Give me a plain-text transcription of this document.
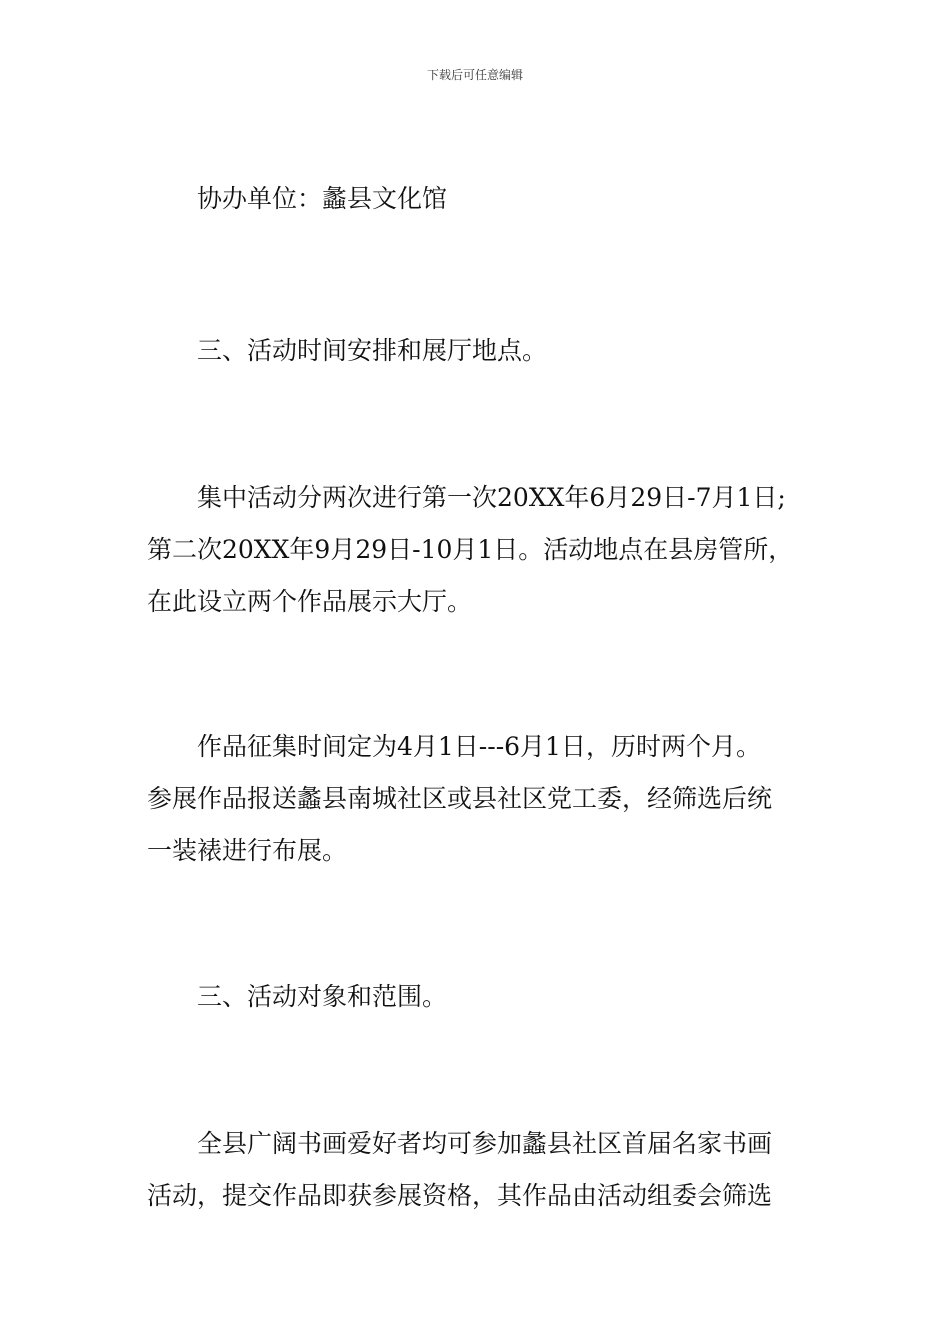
下载后可任意编辑
协办单位：蠡县文化馆
三、活动时间安排和展厅地点。
集中活动分两次进行第一次20XX年6月29日-7月1日;
第二次20XX年9月29日-10月1日。活动地点在县房管所，
在此设立两个作品展示大厅。
作品征集时间定为4月1日---6月1日，历时两个月。
参展作品报送蠡县南城社区或县社区党工委，经筛选后统
一装裱进行布展。
三、活动对象和范围。
全县广阔书画爱好者均可参加蠡县社区首届名家书画
活动，提交作品即获参展资格，其作品由活动组委会筛选
